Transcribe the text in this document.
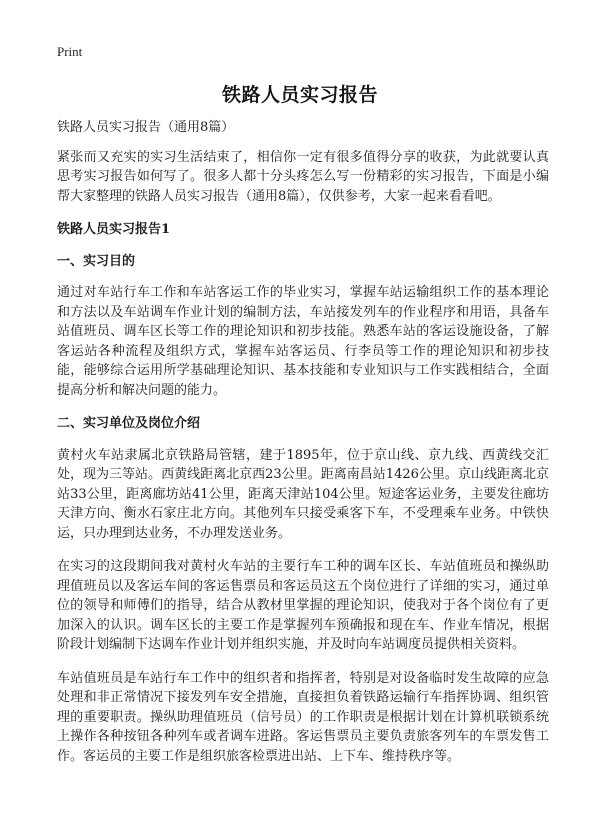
Print
铁路人员实习报告

铁路人员实习报告（通用8篇）

紧张而又充实的实习生活结束了，相信你一定有很多值得分享的收获，为此就要认真思考实习报告如何写了。很多人都十分头疼怎么写一份精彩的实习报告，下面是小编帮大家整理的铁路人员实习报告（通用8篇），仅供参考，大家一起来看看吧。

铁路人员实习报告1

一、实习目的

通过对车站行车工作和车站客运工作的毕业实习，掌握车站运输组织工作的基本理论和方法以及车站调车作业计划的编制方法，车站接发列车的作业程序和用语，具备车站值班员、调车区长等工作的理论知识和初步技能。熟悉车站的客运设施设备，了解客运站各种流程及组织方式，掌握车站客运员、行李员等工作的理论知识和初步技能，能够综合运用所学基础理论知识、基本技能和专业知识与工作实践相结合，全面提高分析和解决问题的能力。

二、实习单位及岗位介绍

黄村火车站隶属北京铁路局管辖，建于1895年，位于京山线、京九线、西黄线交汇处，现为三等站。西黄线距离北京西23公里。距离南昌站1426公里。京山线距离北京站33公里，距离廊坊站41公里，距离天津站104公里。短途客运业务，主要发往廊坊天津方向、衡水石家庄北方向。其他列车只接受乘客下车，不受理乘车业务。中铁快运，只办理到达业务，不办理发送业务。

在实习的这段期间我对黄村火车站的主要行车工种的调车区长、车站值班员和操纵助理值班员以及客运车间的客运售票员和客运员这五个岗位进行了详细的实习，通过单位的领导和师傅们的指导，结合从教材里掌握的理论知识，使我对于各个岗位有了更加深入的认识。调车区长的主要工作是掌握列车预确报和现在车、作业车情况，根据阶段计划编制下达调车作业计划并组织实施，并及时向车站调度员提供相关资料。

车站值班员是车站行车工作中的组织者和指挥者，特别是对设备临时发生故障的应急处理和非正常情况下接发列车安全措施，直接担负着铁路运输行车指挥协调、组织管理的重要职责。操纵助理值班员（信号员）的工作职责是根据计划在计算机联锁系统上操作各种按钮各种列车或者调车进路。客运售票员主要负责旅客列车的车票发售工作。客运员的主要工作是组织旅客检票进出站、上下车、维持秩序等。
